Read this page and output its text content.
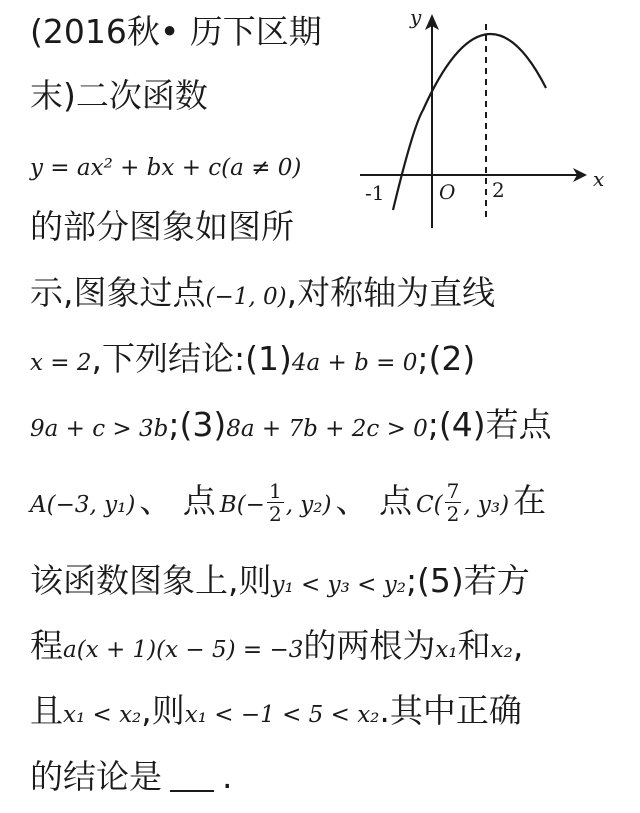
(2016秋• 历下区期
末)二次函数
y = ax² + bx + c(a ≠ 0)
的部分图象如图所
示,图象过点(−1, 0),对称轴为直线
x = 2,下列结论:(1)4a + b = 0;(2)
9a + c > 3b;(3)8a + 7b + 2c > 0;(4)若点
A(−3, y₁) 、 点 $B(- \frac{1}{2}$ , y₂) 、 点 $C( \frac{7}{2}$ , y₃) 在
该函数图象上,则y₁ < y₃ < y₂;(5)若方
程a(x + 1)(x − 5) = −3的两根为x₁和x₂,
且x₁ < x₂,则x₁ < −1 < 5 < x₂.其中正确
的结论是 .
y
x
O
-1	2
